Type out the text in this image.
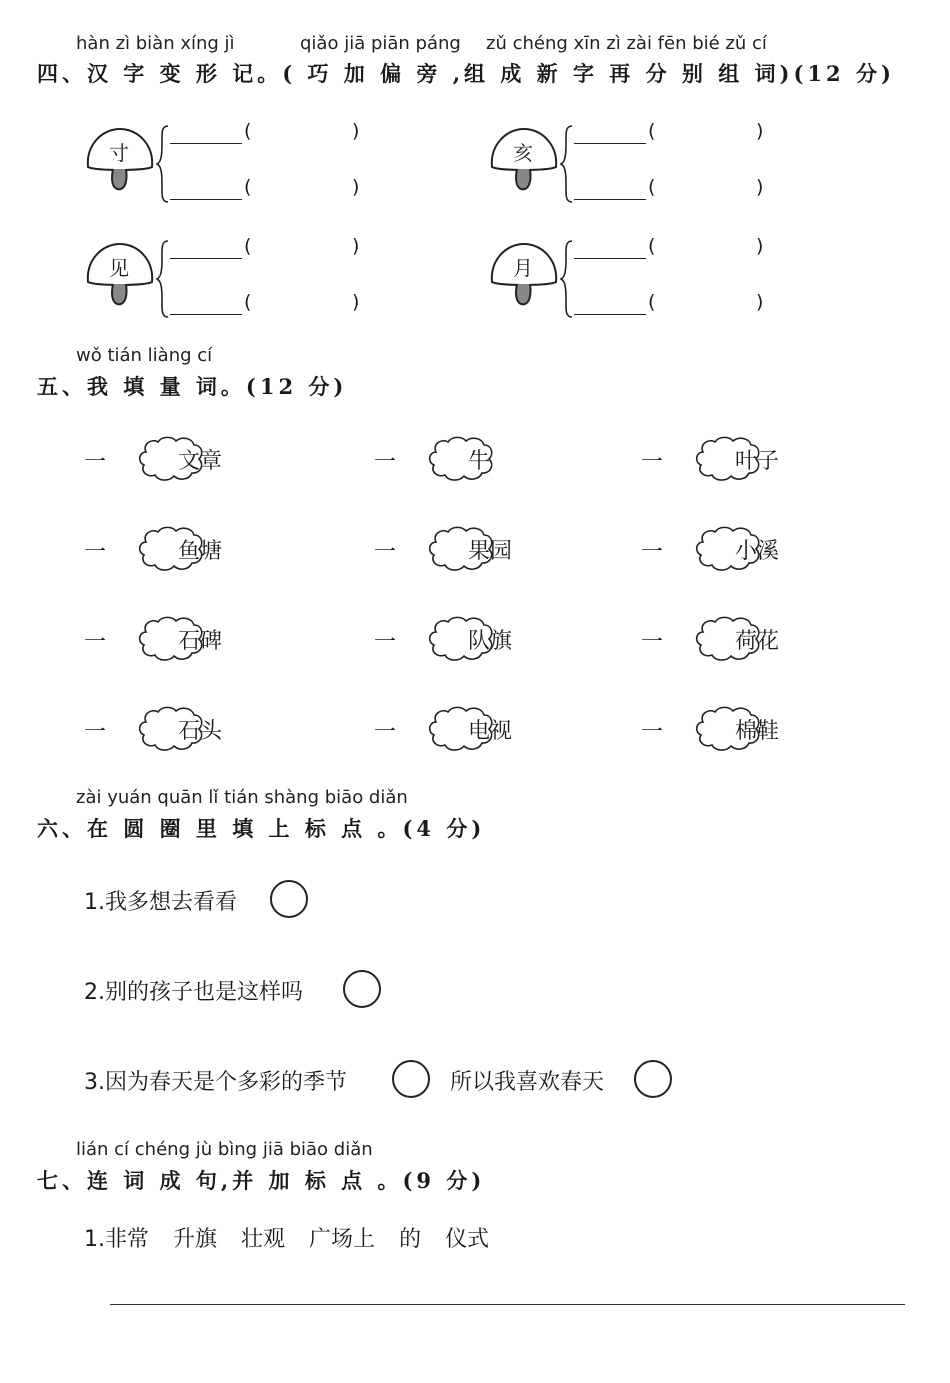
hàn zì biàn xíng jì	qiǎo jiā piān páng zǔ chéng xīn zì zài fēn bié zǔ cí
四、汉 字 变 形 记。( 巧 加 偏 旁 ,组 成 新 字 再 分 别 组 词)(12 分)
寸
(	)
(	)
亥
(	)
(	)
见
(	)
(	)
月
(	)
(	)
wǒ tián liàng cí
五、我 填 量 词。(12 分)
一	文章	一	牛	一	叶子
一	鱼塘	一	果园	一	小溪
一	石碑	一	队旗	一	荷花
一	石头	一	电视	一	棉鞋
zài yuán quān lǐ tián shàng biāo diǎn
六、在 圆 圈 里 填 上 标 点 。(4 分)
1.我多想去看看
2.别的孩子也是这样吗
3.因为春天是个多彩的季节	所以我喜欢春天
lián cí chéng jù bìng jiā biāo diǎn
七、连 词 成 句,并 加 标 点 。(9 分)
1.非常 升旗 壮观 广场上 的 仪式
